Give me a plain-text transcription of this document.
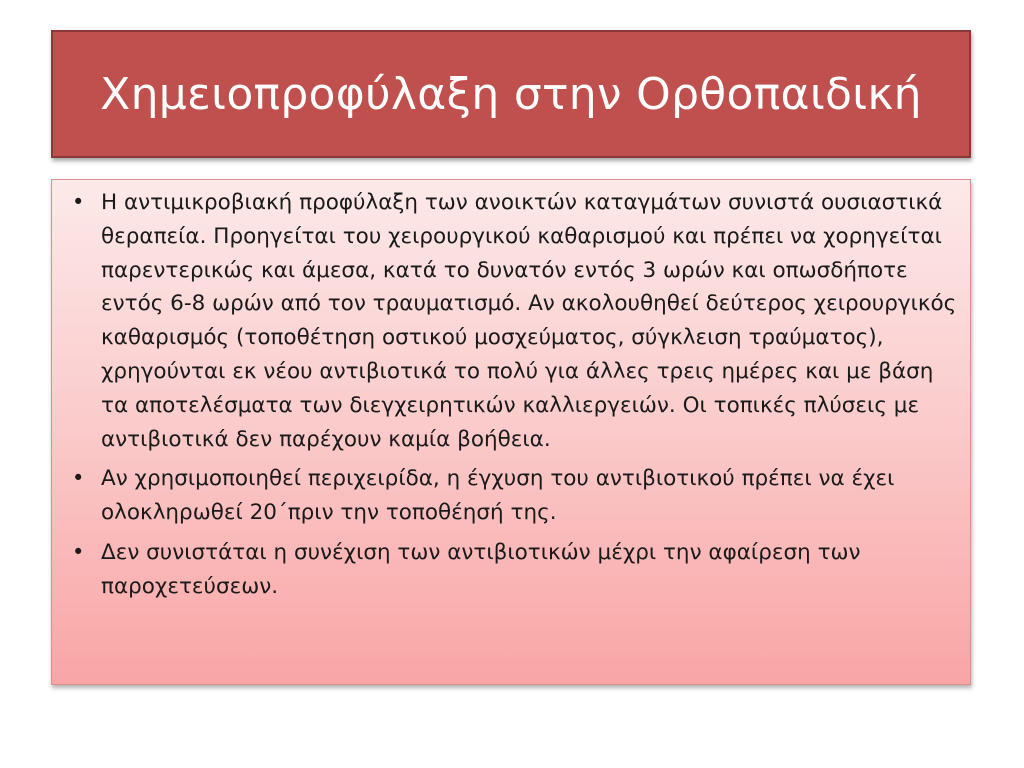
Χημειοπροφύλαξη στην Ορθοπαιδική
• Η αντιμικροβιακή προφύλαξη των ανοικτών καταγμάτων συνιστά ουσιαστικά θεραπεία. Προηγείται του χειρουργικού καθαρισμού και πρέπει να χορηγείται παρεντερικώς και άμεσα, κατά το δυνατόν εντός 3 ωρών και οπωσδήποτε εντός 6-8 ωρών από τον τραυματισμό. Αν ακολουθηθεί δεύτερος χειρουργικός καθαρισμός (τοποθέτηση οστικού μοσχεύματος, σύγκλειση τραύματος), χρηγούνται εκ νέου αντιβιοτικά το πολύ για άλλες τρεις ημέρες και με βάση τα αποτελέσματα των διεγχειρητικών καλλιεργειών. Οι τοπικές πλύσεις με αντιβιοτικά δεν παρέχουν καμία βοήθεια.
• Αν χρησιμοποιηθεί περιχειρίδα, η έγχυση του αντιβιοτικού πρέπει να έχει ολοκληρωθεί 20΄πριν την τοποθέησή της.
• Δεν συνιστάται η συνέχιση των αντιβιοτικών μέχρι την αφαίρεση των παροχετεύσεων.
